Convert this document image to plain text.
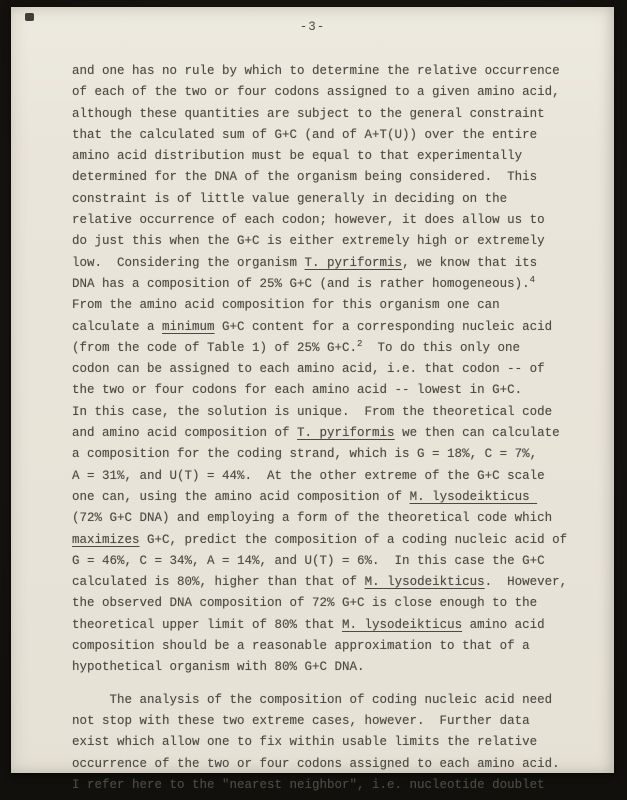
-3-
and one has no rule by which to determine the relative occurrence
of each of the two or four codons assigned to a given amino acid,
although these quantities are subject to the general constraint
that the calculated sum of G+C (and of A+T(U)) over the entire
amino acid distribution must be equal to that experimentally
determined for the DNA of the organism being considered.  This
constraint is of little value generally in deciding on the
relative occurrence of each codon; however, it does allow us to
do just this when the G+C is either extremely high or extremely
low.  Considering the organism T. pyriformis, we know that its
DNA has a composition of 25% G+C (and is rather homogeneous).$^4$
From the amino acid composition for this organism one can
calculate a minimum G+C content for a corresponding nucleic acid
(from the code of Table 1) of 25% G+C.$^2$  To do this only one
codon can be assigned to each amino acid, i.e. that codon -- of
the two or four codons for each amino acid -- lowest in G+C.
In this case, the solution is unique.  From the theoretical code
and amino acid composition of T. pyriformis we then can calculate
a composition for the coding strand, which is G = 18%, C = 7%,
A = 31%, and U(T) = 44%.  At the other extreme of the G+C scale
one can, using the amino acid composition of M. lysodeikticus
(72% G+C DNA) and employing a form of the theoretical code which
maximizes G+C, predict the composition of a coding nucleic acid of
G = 46%, C = 34%, A = 14%, and U(T) = 6%.  In this case the G+C
calculated is 80%, higher than that of M. lysodeikticus.  However,
the observed DNA composition of 72% G+C is close enough to the
theoretical upper limit of 80% that M. lysodeikticus amino acid
composition should be a reasonable approximation to that of a
hypothetical organism with 80% G+C DNA.
The analysis of the composition of coding nucleic acid need
not stop with these two extreme cases, however.  Further data
exist which allow one to fix within usable limits the relative
occurrence of the two or four codons assigned to each amino acid.
I refer here to the "nearest neighbor", i.e. nucleotide doublet
